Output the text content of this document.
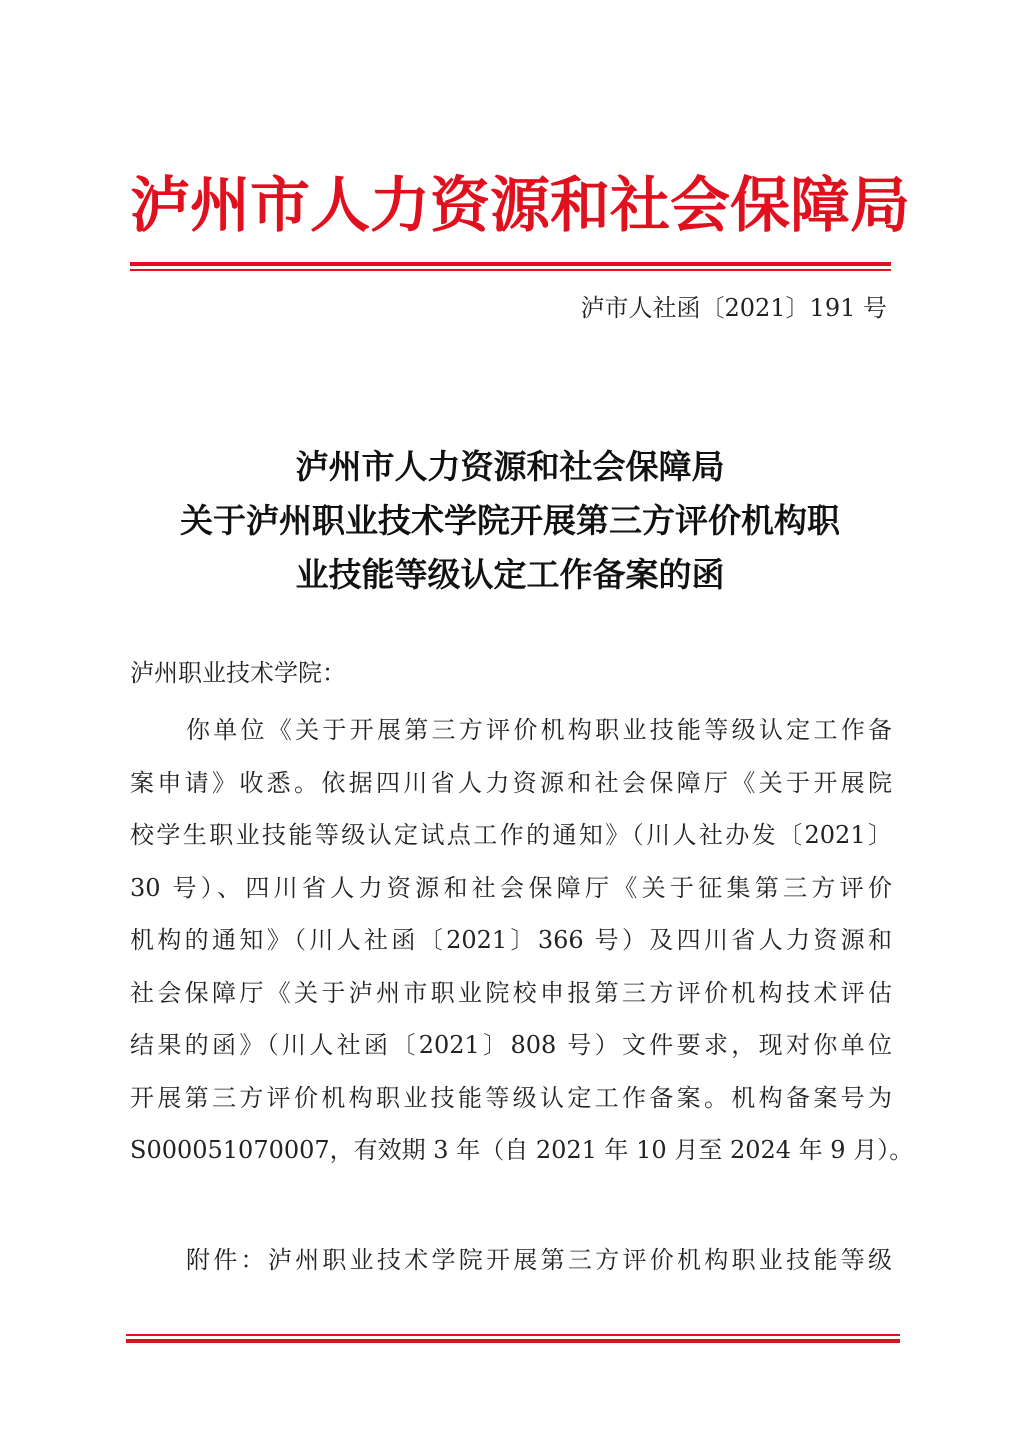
泸州市人力资源和社会保障局
泸市人社函〔2021〕191 号
泸州市人力资源和社会保障局
关于泸州职业技术学院开展第三方评价机构职
业技能等级认定工作备案的函
泸州职业技术学院：
你单位《关于开展第三方评价机构职业技能等级认定工作备
案申请》收悉。依据四川省人力资源和社会保障厅《关于开展院
校学生职业技能等级认定试点工作的通知》（川人社办发〔2021〕
30 号）、四川省人力资源和社会保障厅《关于征集第三方评价
机构的通知》（川人社函〔2021〕366 号）及四川省人力资源和
社会保障厅《关于泸州市职业院校申报第三方评价机构技术评估
结果的函》（川人社函〔2021〕808 号）文件要求，现对你单位
开展第三方评价机构职业技能等级认定工作备案。机构备案号为
S000051070007，有效期 3 年（自 2021 年 10 月至 2024 年 9 月）。
附件：泸州职业技术学院开展第三方评价机构职业技能等级
